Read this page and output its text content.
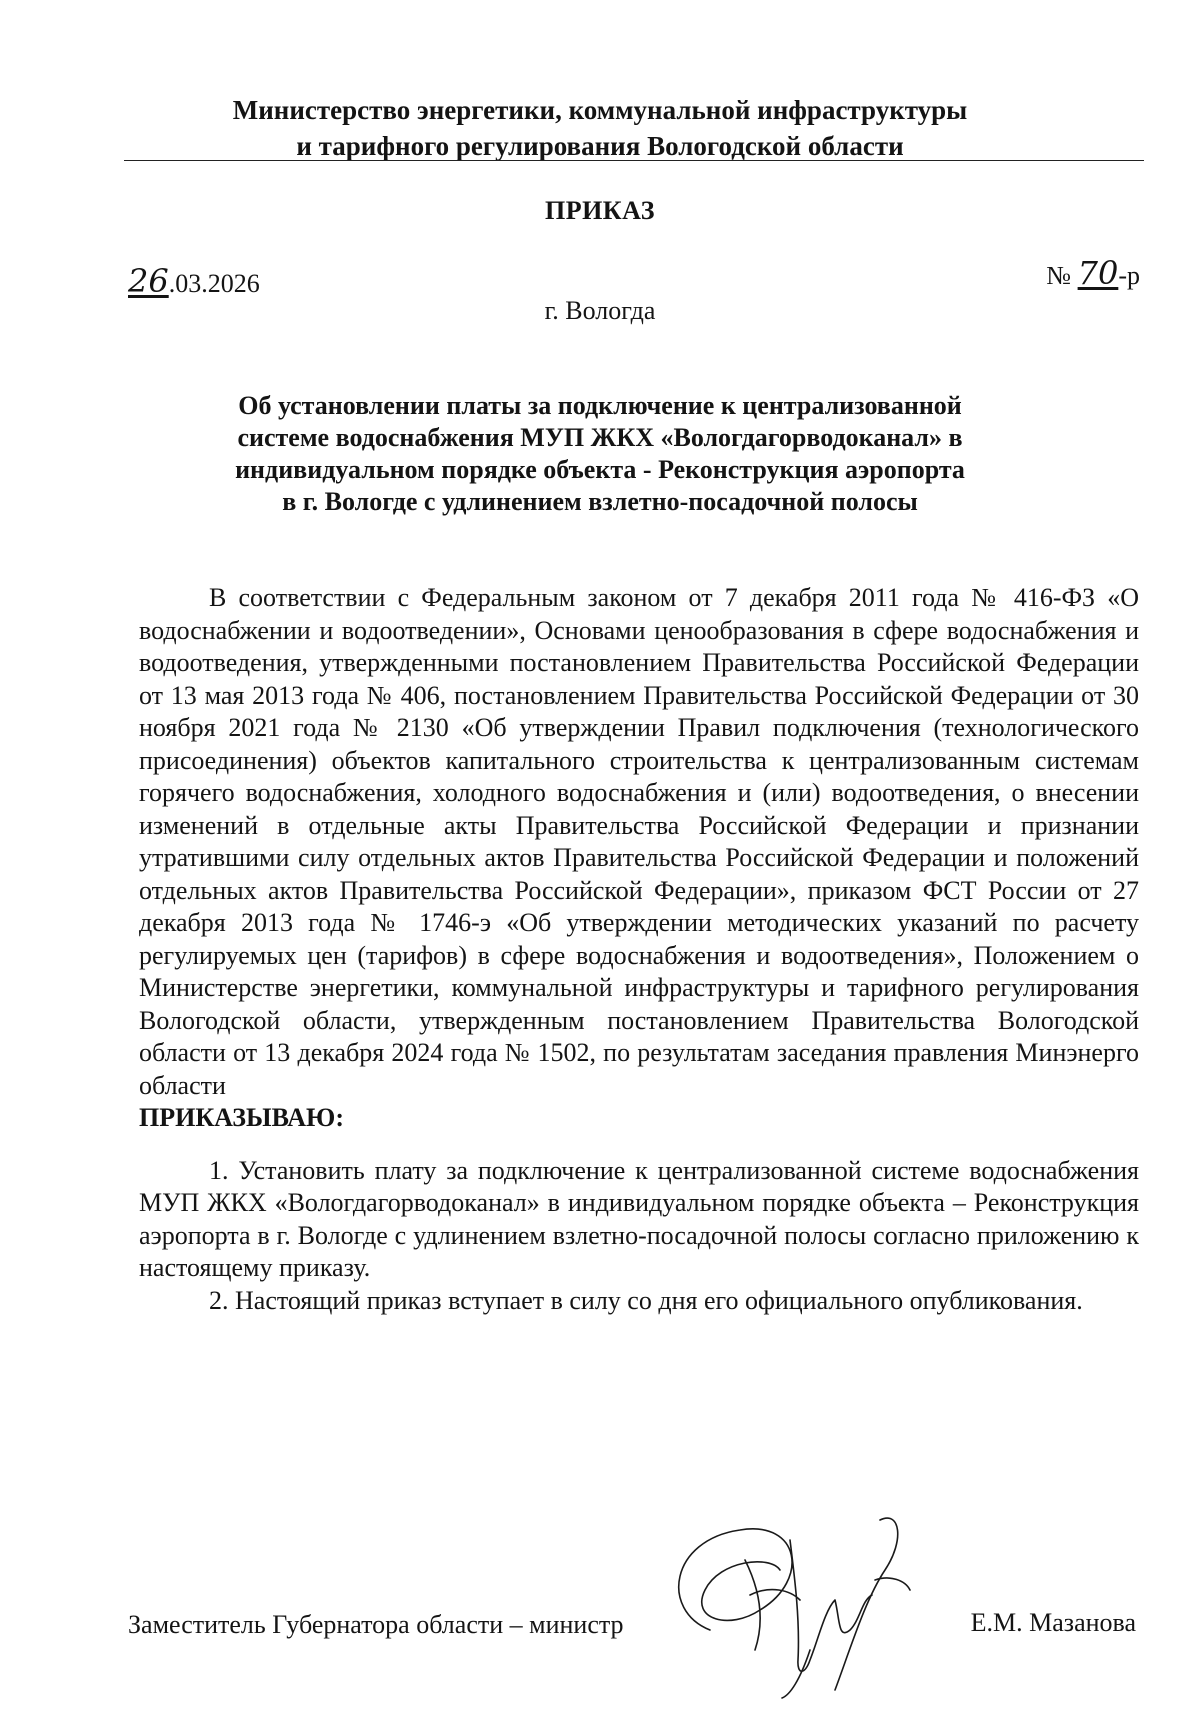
Министерство энергетики, коммунальной инфраструктуры
и тарифного регулирования Вологодской области
ПРИКАЗ
26.03.2026	№ 70-р
г. Вологда
Об установлении платы за подключение к централизованной
системе водоснабжения МУП ЖКХ «Вологдагорводоканал» в
индивидуальном порядке объекта - Реконструкция аэропорта
в г. Вологде с удлинением взлетно-посадочной полосы

В соответствии с Федеральным законом от 7 декабря 2011 года № 416-ФЗ «О водоснабжении и водоотведении», Основами ценообразования в сфере водоснабжения и водоотведения, утвержденными постановлением Правительства Российской Федерации от 13 мая 2013 года № 406, постановлением Правительства Российской Федерации от 30 ноября 2021 года № 2130 «Об утверждении Правил подключения (технологического присоединения) объектов капитального строительства к централизованным системам горячего водоснабжения, холодного водоснабжения и (или) водоотведения, о внесении изменений в отдельные акты Правительства Российской Федерации и признании утратившими силу отдельных актов Правительства Российской Федерации и положений отдельных актов Правительства Российской Федерации», приказом ФСТ России от 27 декабря 2013 года № 1746-э «Об утверждении методических указаний по расчету регулируемых цен (тарифов) в сфере водоснабжения и водоотведения», Положением о Министерстве энергетики, коммунальной инфраструктуры и тарифного регулирования Вологодской области, утвержденным постановлением Правительства Вологодской области от 13 декабря 2024 года № 1502, по результатам заседания правления Минэнерго области

ПРИКАЗЫВАЮ:

1. Установить плату за подключение к централизованной системе водоснабжения МУП ЖКХ «Вологдагорводоканал» в индивидуальном порядке объекта – Реконструкция аэропорта в г. Вологде с удлинением взлетно-посадочной полосы согласно приложению к настоящему приказу.

2. Настоящий приказ вступает в силу со дня его официального опубликования.

Заместитель Губернатора области – министр	Е.М. Мазанова
